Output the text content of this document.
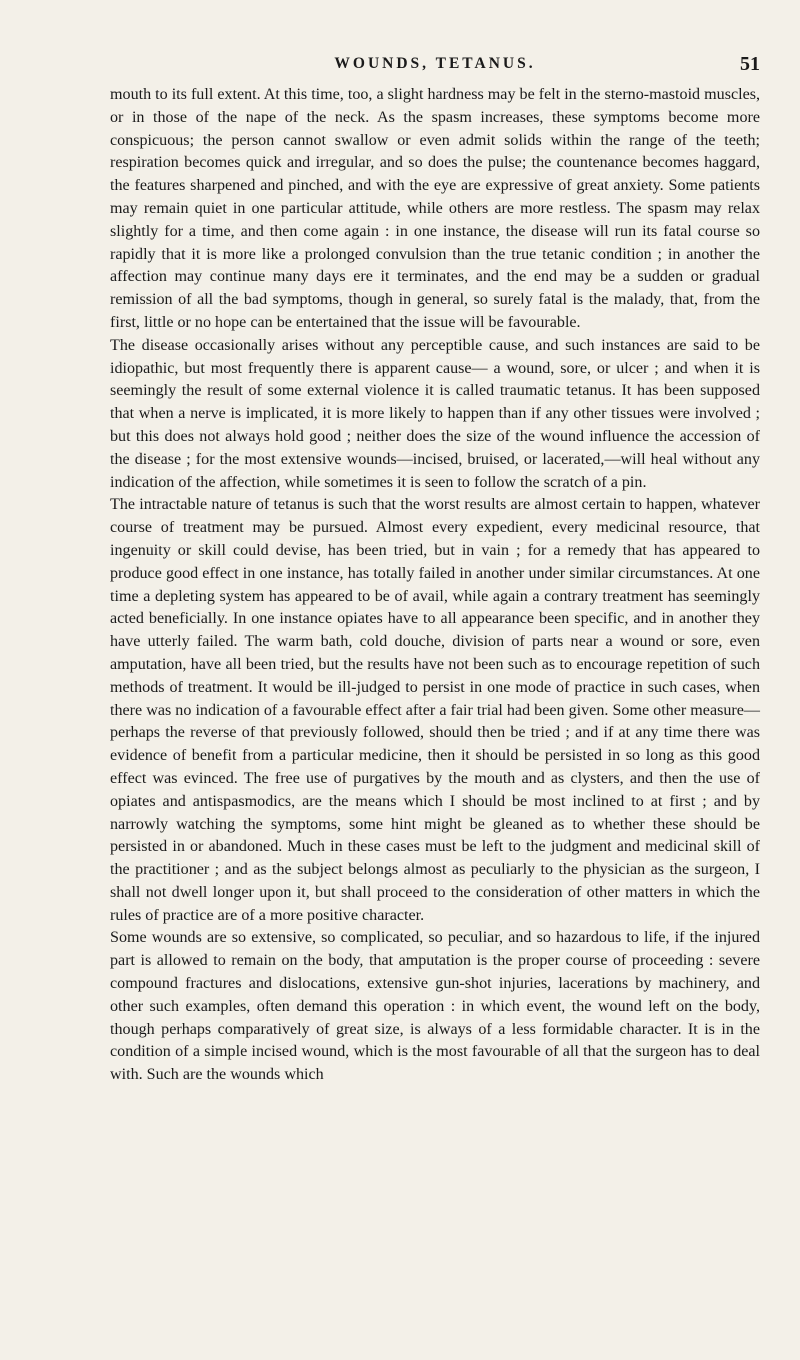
WOUNDS, TETANUS.	51

mouth to its full extent. At this time, too, a slight hardness may be felt in the sterno-mastoid muscles, or in those of the nape of the neck. As the spasm increases, these symptoms become more conspicuous; the person cannot swallow or even admit solids within the range of the teeth; respiration becomes quick and irregular, and so does the pulse; the countenance becomes haggard, the features sharpened and pinched, and with the eye are expressive of great anxiety. Some patients may remain quiet in one particular attitude, while others are more restless. The spasm may relax slightly for a time, and then come again : in one instance, the disease will run its fatal course so rapidly that it is more like a prolonged convulsion than the true tetanic condition ; in another the affection may continue many days ere it terminates, and the end may be a sudden or gradual remission of all the bad symptoms, though in general, so surely fatal is the malady, that, from the first, little or no hope can be entertained that the issue will be favourable.

The disease occasionally arises without any perceptible cause, and such instances are said to be idiopathic, but most frequently there is apparent cause— a wound, sore, or ulcer ; and when it is seemingly the result of some external violence it is called traumatic tetanus. It has been supposed that when a nerve is implicated, it is more likely to happen than if any other tissues were involved ; but this does not always hold good ; neither does the size of the wound influence the accession of the disease ; for the most extensive wounds—incised, bruised, or lacerated,—will heal without any indication of the affection, while sometimes it is seen to follow the scratch of a pin.

The intractable nature of tetanus is such that the worst results are almost certain to happen, whatever course of treatment may be pursued. Almost every expedient, every medicinal resource, that ingenuity or skill could devise, has been tried, but in vain ; for a remedy that has appeared to produce good effect in one instance, has totally failed in another under similar circumstances. At one time a depleting system has appeared to be of avail, while again a contrary treatment has seemingly acted beneficially. In one instance opiates have to all appearance been specific, and in another they have utterly failed. The warm bath, cold douche, division of parts near a wound or sore, even amputation, have all been tried, but the results have not been such as to encourage repetition of such methods of treatment. It would be ill-judged to persist in one mode of practice in such cases, when there was no indication of a favourable effect after a fair trial had been given. Some other measure—perhaps the reverse of that previously followed, should then be tried ; and if at any time there was evidence of benefit from a particular medicine, then it should be persisted in so long as this good effect was evinced. The free use of purgatives by the mouth and as clysters, and then the use of opiates and antispasmodics, are the means which I should be most inclined to at first ; and by narrowly watching the symptoms, some hint might be gleaned as to whether these should be persisted in or abandoned. Much in these cases must be left to the judgment and medicinal skill of the practitioner ; and as the subject belongs almost as peculiarly to the physician as the surgeon, I shall not dwell longer upon it, but shall proceed to the consideration of other matters in which the rules of practice are of a more positive character.

Some wounds are so extensive, so complicated, so peculiar, and so hazardous to life, if the injured part is allowed to remain on the body, that amputation is the proper course of proceeding : severe compound fractures and dislocations, extensive gun-shot injuries, lacerations by machinery, and other such examples, often demand this operation : in which event, the wound left on the body, though perhaps comparatively of great size, is always of a less formidable character. It is in the condition of a simple incised wound, which is the most favourable of all that the surgeon has to deal with. Such are the wounds which
